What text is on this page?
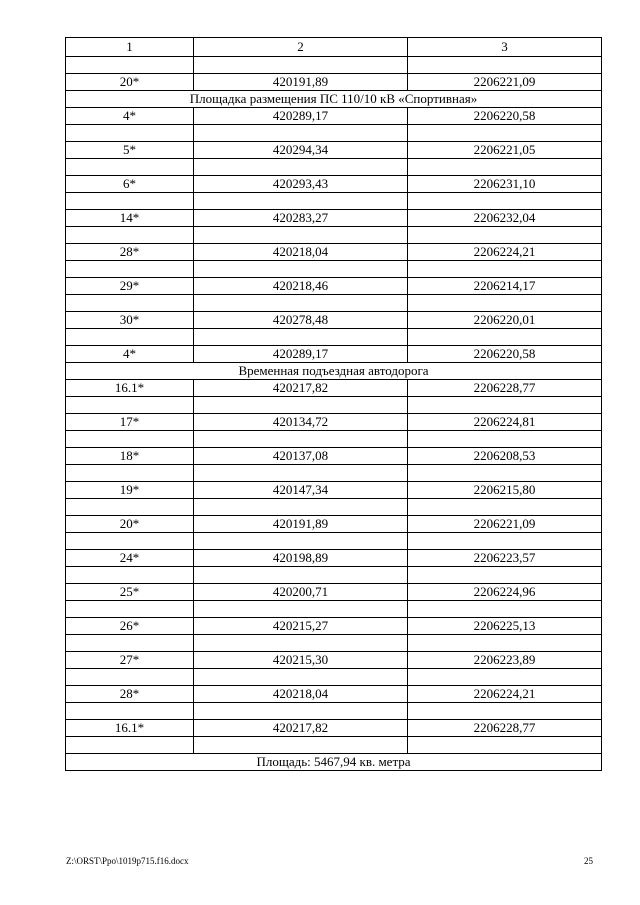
1	2	3

20*	420191,89	2206221,09
Площадка размещения ПС 110/10 кВ «Спортивная»		
4*	420289,17	2206220,58

5*	420294,34	2206221,05

6*	420293,43	2206231,10

14*	420283,27	2206232,04

28*	420218,04	2206224,21

29*	420218,46	2206214,17

30*	420278,48	2206220,01

4*	420289,17	2206220,58
Временная подъездная автодорога		
16.1*	420217,82	2206228,77

17*	420134,72	2206224,81

18*	420137,08	2206208,53

19*	420147,34	2206215,80

20*	420191,89	2206221,09

24*	420198,89	2206223,57

25*	420200,71	2206224,96

26*	420215,27	2206225,13

27*	420215,30	2206223,89

28*	420218,04	2206224,21

16.1*	420217,82	2206228,77

Площадь: 5467,94 кв. метра		
Z:\ORST\Ppo\1019p715.f16.docx	25
